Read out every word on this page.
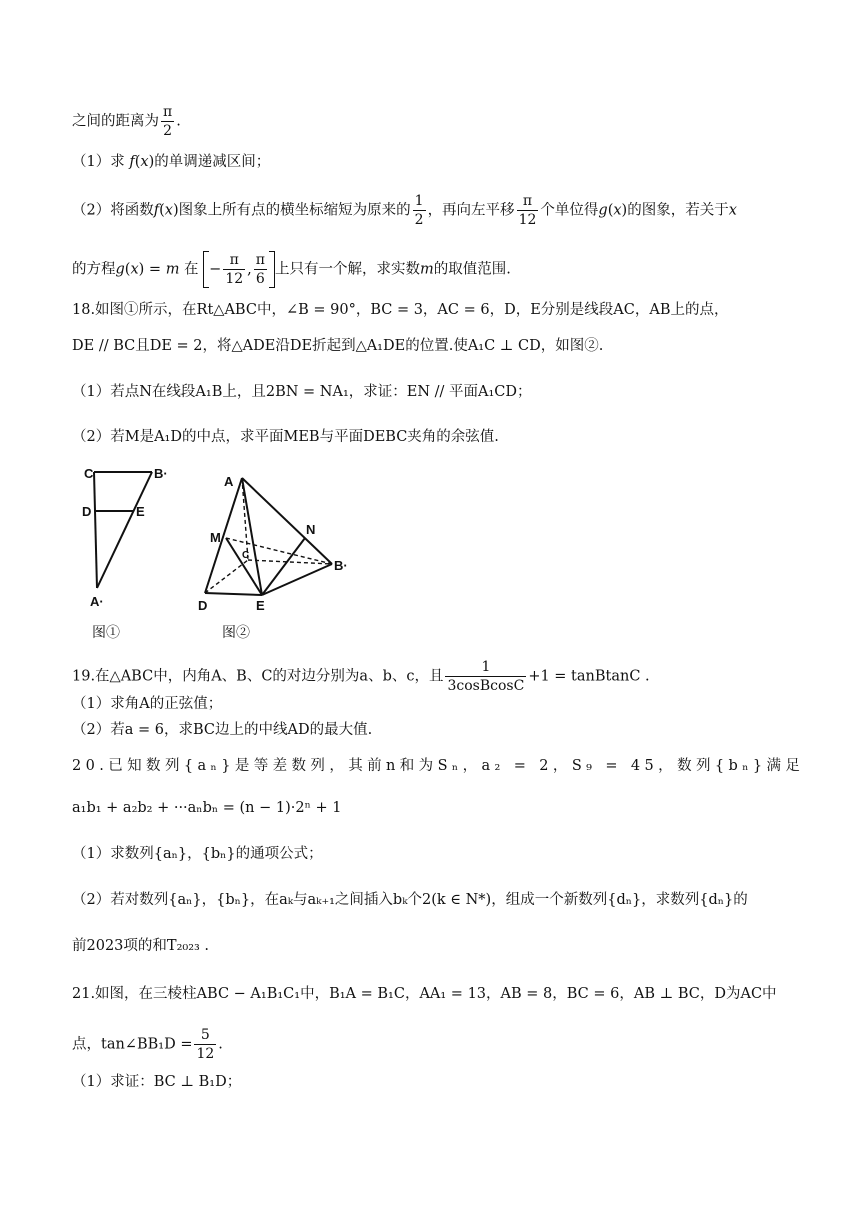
之间的距离为 $\frac{\pi}{2}$ .
（1）求 f(x)的单调递减区间；
（2）将函数f(x)图象上所有点的横坐标缩短为原来的 $\frac{1}{2}$ ，再向左平移 $\frac{\pi}{12}$ 个单位得g(x)的图象，若关于x
的方程g(x) = m 在 − $\frac{\pi}{12}$ , $\frac{\pi}{6}$ 上只有一个解，求实数m的取值范围.
18.如图①所示，在Rt△ABC中，∠B = 90°，BC = 3，AC = 6，D，E分别是线段AC，AB上的点，
DE // BC且DE = 2，将△ADE沿DE折起到△A₁DE的位置.使A₁C ⊥ CD，如图②.
（1）若点N在线段A₁B上，且2BN = NA₁，求证：EN // 平面A₁CD；
（2）若M是A₁D的中点，求平面MEB与平面DEBC夹角的余弦值.
C	B·
D	E
A·
图①
A
M
N
B·
C
D	E
图②
19.在△ABC中，内角A、B、C的对边分别为a、b、c，且 $\frac{1}{\text{3cosBcosC}} +1$ = tanBtanC .
（1）求角A的正弦值；
（2）若a = 6，求BC边上的中线AD的最大值.
20.已知数列{aₙ}是等差数列，其前n和为Sₙ，a₂ = 2，S₉ = 45，数列{bₙ}满足
a₁b₁ + a₂b₂ + ···aₙbₙ = (n − 1)·2ⁿ + 1
（1）求数列{aₙ}，{bₙ}的通项公式；
（2）若对数列{aₙ}，{bₙ}，在aₖ与aₖ₊₁之间插入bₖ个2(k ∈ N*)，组成一个新数列{dₙ}，求数列{dₙ}的
前2023项的和T₂₀₂₃ .
21.如图，在三棱柱ABC − A₁B₁C₁中，B₁A = B₁C，AA₁ = 13，AB = 8，BC = 6，AB ⊥ BC，D为AC中
点，tan∠BB₁D = $\frac{5}{12}$ .
（1）求证：BC ⊥ B₁D；
